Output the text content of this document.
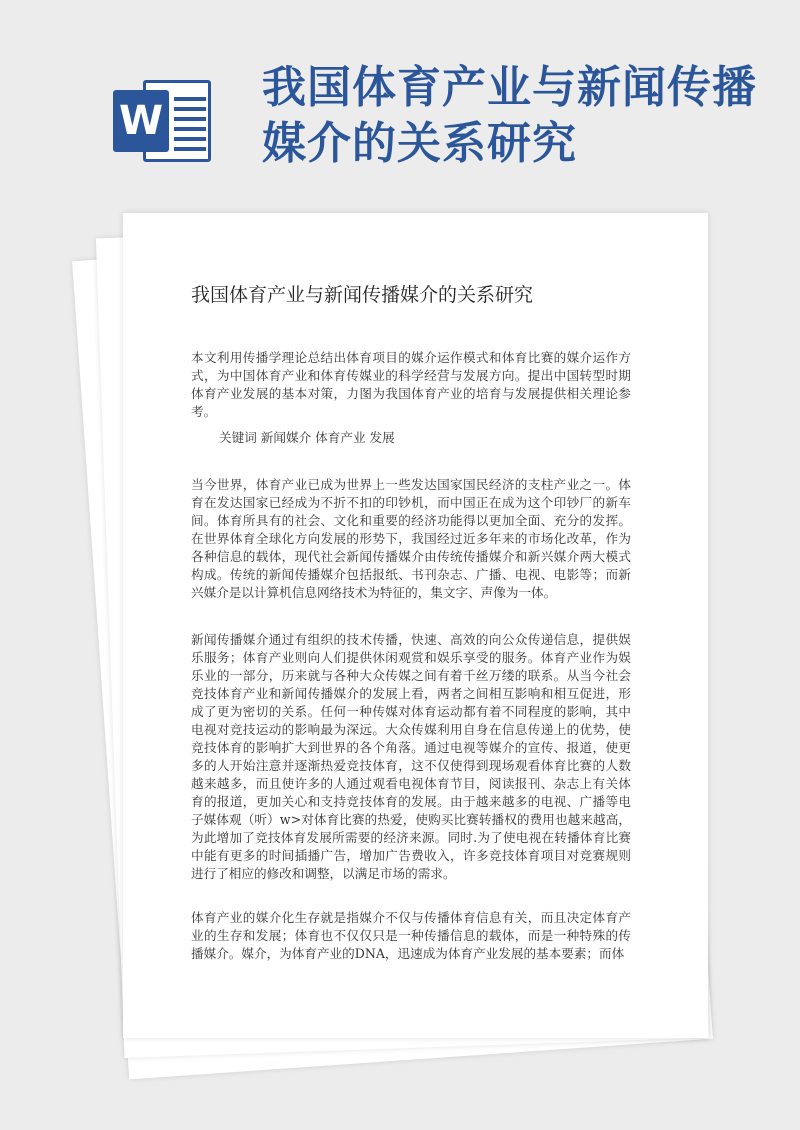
W
我国体育产业与新闻传播媒介的关系研究
我国体育产业与新闻传播媒介的关系研究

本文利用传播学理论总结出体育项目的媒介运作模式和体育比赛的媒介运作方式，为中国体育产业和体育传媒业的科学经营与发展方向。提出中国转型时期体育产业发展的基本对策，力图为我国体育产业的培育与发展提供相关理论参考。

关键词 新闻媒介 体育产业 发展

当今世界，体育产业已成为世界上一些发达国家国民经济的支柱产业之一。体育在发达国家已经成为不折不扣的印钞机，而中国正在成为这个印钞厂的新车间。体育所具有的社会、文化和重要的经济功能得以更加全面、充分的发挥。在世界体育全球化方向发展的形势下，我国经过近多年来的市场化改革，作为各种信息的载体，现代社会新闻传播媒介由传统传播媒介和新兴媒介两大模式构成。传统的新闻传播媒介包括报纸、书刊杂志、广播、电视、电影等；而新兴媒介是以计算机信息网络技术为特征的，集文字、声像为一体。

新闻传播媒介通过有组织的技术传播，快速、高效的向公众传递信息，提供娱乐服务；体育产业则向人们提供休闲观赏和娱乐享受的服务。体育产业作为娱乐业的一部分，历来就与各种大众传媒之间有着千丝万缕的联系。从当今社会竞技体育产业和新闻传播媒介的发展上看，两者之间相互影响和相互促进，形成了更为密切的关系。任何一种传媒对体育运动都有着不同程度的影响，其中电视对竞技运动的影响最为深远。大众传媒利用自身在信息传递上的优势，使竞技体育的影响扩大到世界的各个角落。通过电视等媒介的宣传、报道，使更多的人开始注意并逐渐热爱竞技体育，这不仅使得到现场观看体育比赛的人数越来越多，而且使许多的人通过观看电视体育节目，阅读报刊、杂志上有关体育的报道，更加关心和支持竞技体育的发展。由于越来越多的电视、广播等电子媒体观（听）w>对体育比赛的热爱，使购买比赛转播权的费用也越来越高，为此增加了竞技体育发展所需要的经济来源。同时.为了使电视在转播体育比赛中能有更多的时间插播广告，增加广告费收入，许多竞技体育项目对竞赛规则进行了相应的修改和调整，以满足市场的需求。

体育产业的媒介化生存就是指媒介不仅与传播体育信息有关，而且决定体育产业的生存和发展；体育也不仅仅只是一种传播信息的载体，而是一种特殊的传播媒介。媒介，为体育产业的DNA，迅速成为体育产业发展的基本要素；而体
